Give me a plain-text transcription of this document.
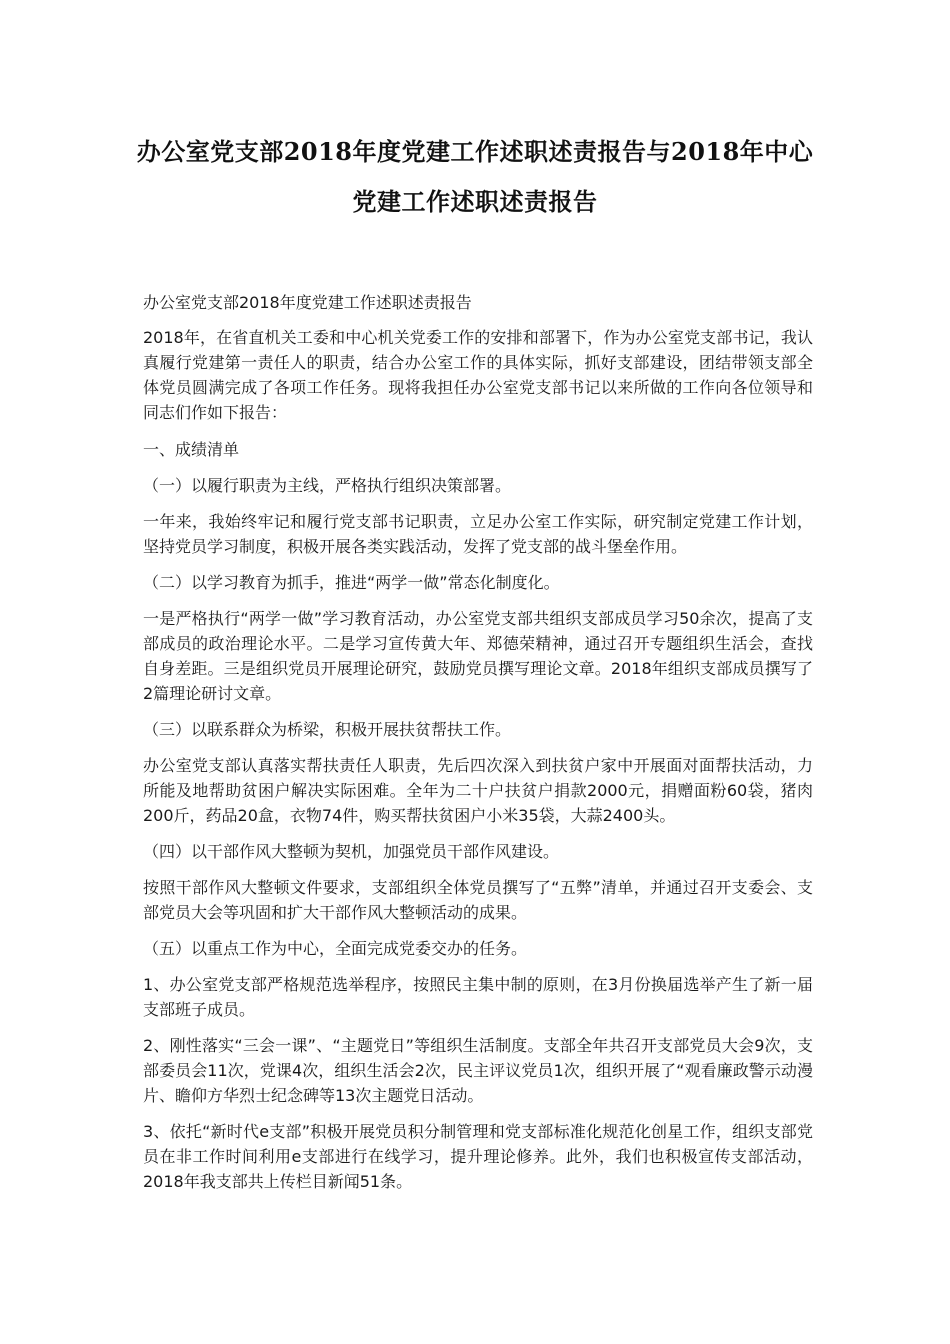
办公室党支部2018年度党建工作述职述责报告与2018年中心
党建工作述职述责报告

办公室党支部2018年度党建工作述职述责报告

2018年，在省直机关工委和中心机关党委工作的安排和部署下，作为办公室党支部书记，我认真履行党建第一责任人的职责，结合办公室工作的具体实际，抓好支部建设，团结带领支部全体党员圆满完成了各项工作任务。现将我担任办公室党支部书记以来所做的工作向各位领导和同志们作如下报告：

一、成绩清单

（一）以履行职责为主线，严格执行组织决策部署。

一年来，我始终牢记和履行党支部书记职责，立足办公室工作实际，研究制定党建工作计划，坚持党员学习制度，积极开展各类实践活动，发挥了党支部的战斗堡垒作用。

（二）以学习教育为抓手，推进“两学一做”常态化制度化。

一是严格执行“两学一做”学习教育活动，办公室党支部共组织支部成员学习50余次，提高了支部成员的政治理论水平。二是学习宣传黄大年、郑德荣精神，通过召开专题组织生活会，查找自身差距。三是组织党员开展理论研究，鼓励党员撰写理论文章。2018年组织支部成员撰写了2篇理论研讨文章。

（三）以联系群众为桥梁，积极开展扶贫帮扶工作。

办公室党支部认真落实帮扶责任人职责，先后四次深入到扶贫户家中开展面对面帮扶活动，力所能及地帮助贫困户解决实际困难。全年为二十户扶贫户捐款2000元，捐赠面粉60袋，猪肉200斤，药品20盒，衣物74件，购买帮扶贫困户小米35袋，大蒜2400头。

（四）以干部作风大整顿为契机，加强党员干部作风建设。

按照干部作风大整顿文件要求，支部组织全体党员撰写了“五弊”清单，并通过召开支委会、支部党员大会等巩固和扩大干部作风大整顿活动的成果。

（五）以重点工作为中心，全面完成党委交办的任务。

1、办公室党支部严格规范选举程序，按照民主集中制的原则，在3月份换届选举产生了新一届支部班子成员。

2、刚性落实“三会一课”、“主题党日”等组织生活制度。支部全年共召开支部党员大会9次，支部委员会11次，党课4次，组织生活会2次，民主评议党员1次，组织开展了“观看廉政警示动漫片、瞻仰方华烈士纪念碑等13次主题党日活动。

3、依托“新时代e支部”积极开展党员积分制管理和党支部标准化规范化创星工作，组织支部党员在非工作时间利用e支部进行在线学习，提升理论修养。此外，我们也积极宣传支部活动，2018年我支部共上传栏目新闻51条。
